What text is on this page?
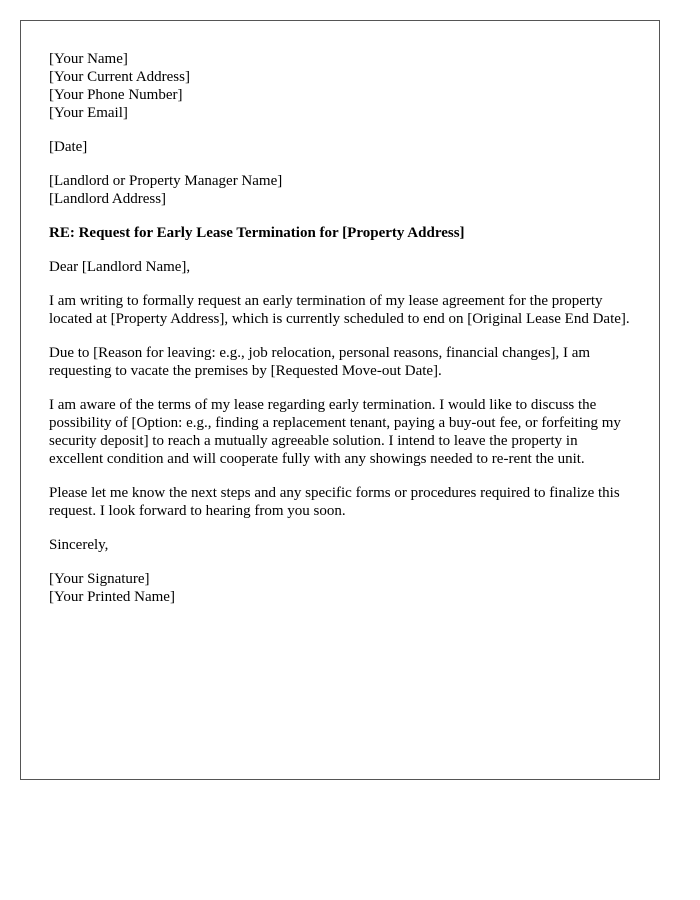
[Your Name]
[Your Current Address]
[Your Phone Number]
[Your Email]
[Date]
[Landlord or Property Manager Name]
[Landlord Address]
RE: Request for Early Lease Termination for [Property Address]
Dear [Landlord Name],

I am writing to formally request an early termination of my lease agreement for the property located at [Property Address], which is currently scheduled to end on [Original Lease End Date].

Due to [Reason for leaving: e.g., job relocation, personal reasons, financial changes], I am requesting to vacate the premises by [Requested Move-out Date].

I am aware of the terms of my lease regarding early termination. I would like to discuss the possibility of [Option: e.g., finding a replacement tenant, paying a buy-out fee, or forfeiting my security deposit] to reach a mutually agreeable solution. I intend to leave the property in excellent condition and will cooperate fully with any showings needed to re-rent the unit.

Please let me know the next steps and any specific forms or procedures required to finalize this request. I look forward to hearing from you soon.

Sincerely,
[Your Signature]
[Your Printed Name]
